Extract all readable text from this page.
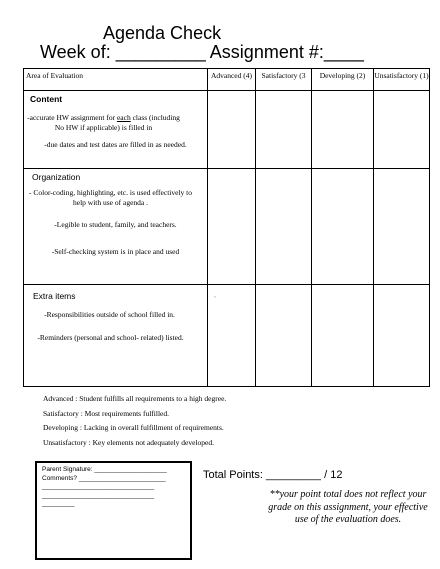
Agenda Check
Week of: _________ Assignment #:____
Area of Evaluation	Advanced (4)	Satisfactory (3	Developing (2)	Unsatisfactory (1)

Content
-accurate HW assignment for each class (including No HW if applicable) is filled in
-due dates and test dates are filled in as needed.				

Organization
- Color-coding, highlighting, etc. is used effectively to help with use of agenda .
-Legible to student, family, and teachers.
-Self-checking system is in place and used				

Extra items
-Responsibilities outside of school filled in.
-Reminders (personal and school- related) listed.				

`
Advanced : Student fulfills all requirements to a high degree.
Satisfactory : Most requirements fulfilled.
Developing : Lacking in overall fulfillment of requirements.
Unsatisfactory : Key elements not adequately developed.
Parent Signature: ____________________
Comments? ________________________
_______________________________
_______________________________
_________
Total Points: _________ / 12
**your point total does not reflect your grade on this assignment, your effective use of the evaluation does.
